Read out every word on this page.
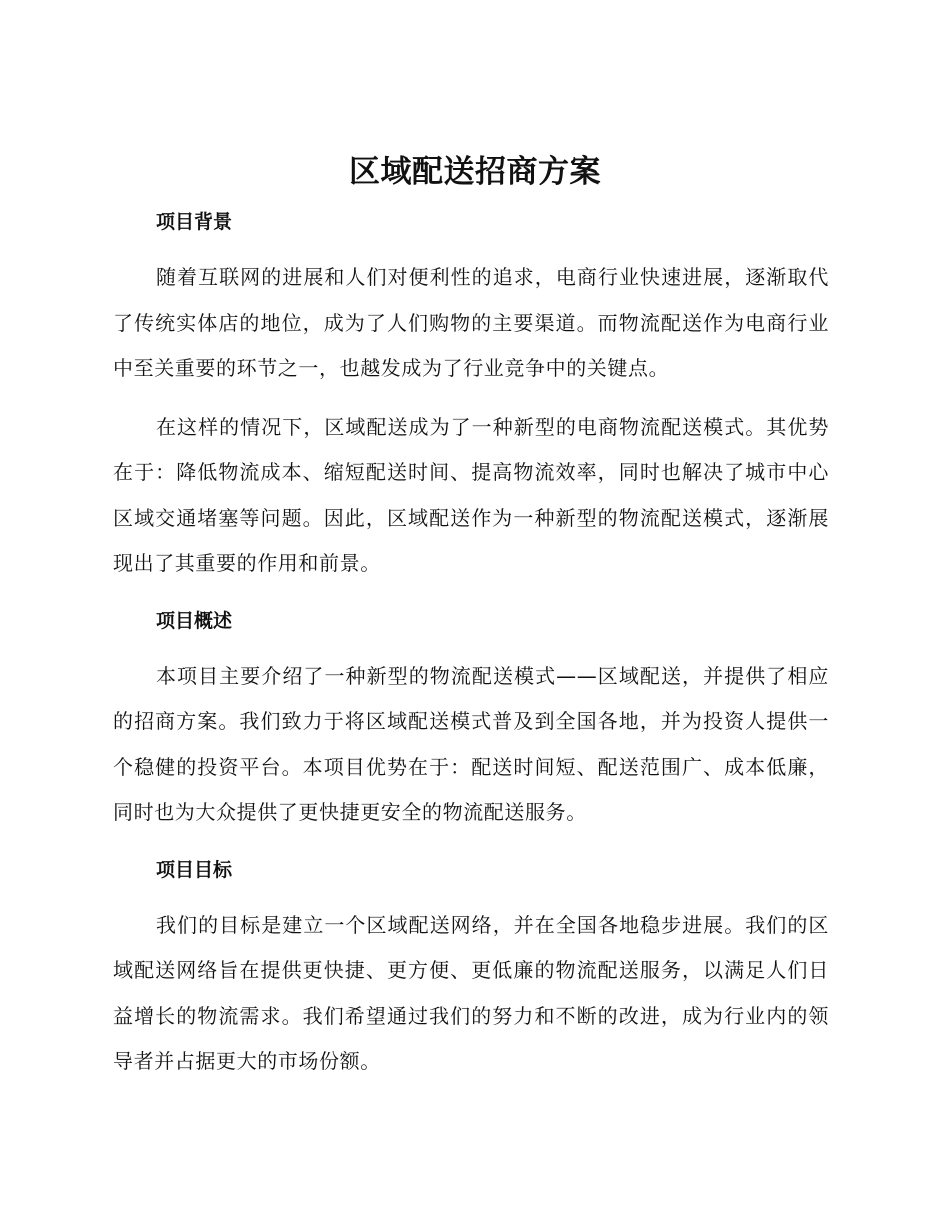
区域配送招商方案
项目背景

随着互联网的进展和人们对便利性的追求，电商行业快速进展，逐渐取代了传统实体店的地位，成为了人们购物的主要渠道。而物流配送作为电商行业中至关重要的环节之一，也越发成为了行业竞争中的关键点。

在这样的情况下，区域配送成为了一种新型的电商物流配送模式。其优势在于：降低物流成本、缩短配送时间、提高物流效率，同时也解决了城市中心区域交通堵塞等问题。因此，区域配送作为一种新型的物流配送模式，逐渐展现出了其重要的作用和前景。

项目概述

本项目主要介绍了一种新型的物流配送模式——区域配送，并提供了相应的招商方案。我们致力于将区域配送模式普及到全国各地，并为投资人提供一个稳健的投资平台。本项目优势在于：配送时间短、配送范围广、成本低廉，同时也为大众提供了更快捷更安全的物流配送服务。

项目目标

我们的目标是建立一个区域配送网络，并在全国各地稳步进展。我们的区域配送网络旨在提供更快捷、更方便、更低廉的物流配送服务，以满足人们日益增长的物流需求。我们希望通过我们的努力和不断的改进，成为行业内的领导者并占据更大的市场份额。
